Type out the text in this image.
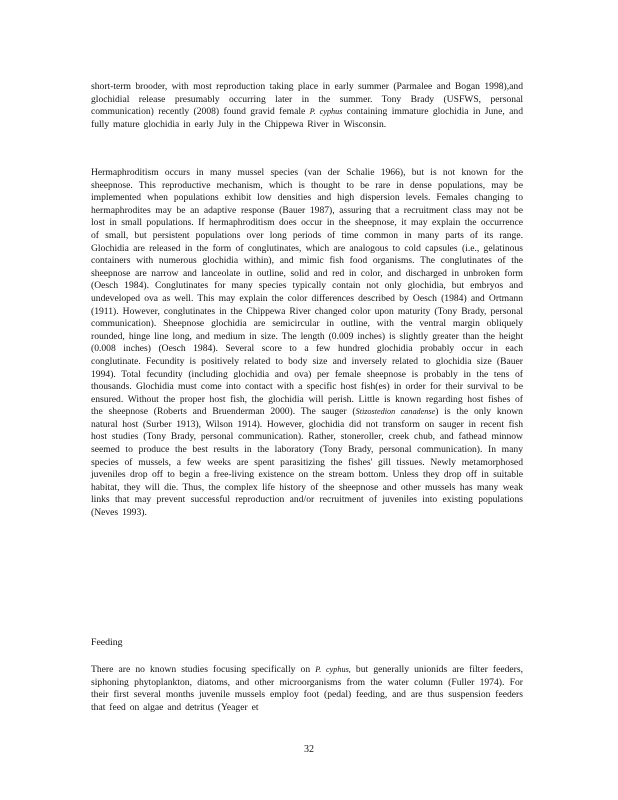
short-term brooder, with most reproduction taking place in early summer (Parmalee and Bogan 1998),and glochidial release presumably occurring later in the summer. Tony Brady (USFWS, personal communication) recently (2008) found gravid female P. cyphus containing immature glochidia in June, and fully mature glochidia in early July in the Chippewa River in Wisconsin.
Hermaphroditism occurs in many mussel species (van der Schalie 1966), but is not known for the sheepnose. This reproductive mechanism, which is thought to be rare in dense populations, may be implemented when populations exhibit low densities and high dispersion levels. Females changing to hermaphrodites may be an adaptive response (Bauer 1987), assuring that a recruitment class may not be lost in small populations. If hermaphroditism does occur in the sheepnose, it may explain the occurrence of small, but persistent populations over long periods of time common in many parts of its range. Glochidia are released in the form of conglutinates, which are analogous to cold capsules (i.e., gelatinous containers with numerous glochidia within), and mimic fish food organisms. The conglutinates of the sheepnose are narrow and lanceolate in outline, solid and red in color, and discharged in unbroken form (Oesch 1984). Conglutinates for many species typically contain not only glochidia, but embryos and undeveloped ova as well. This may explain the color differences described by Oesch (1984) and Ortmann (1911). However, conglutinates in the Chippewa River changed color upon maturity (Tony Brady, personal communication). Sheepnose glochidia are semicircular in outline, with the ventral margin obliquely rounded, hinge line long, and medium in size. The length (0.009 inches) is slightly greater than the height (0.008 inches) (Oesch 1984). Several score to a few hundred glochidia probably occur in each conglutinate. Fecundity is positively related to body size and inversely related to glochidia size (Bauer 1994). Total fecundity (including glochidia and ova) per female sheepnose is probably in the tens of thousands. Glochidia must come into contact with a specific host fish(es) in order for their survival to be ensured. Without the proper host fish, the glochidia will perish. Little is known regarding host fishes of the sheepnose (Roberts and Bruenderman 2000). The sauger (Stizostedion canadense) is the only known natural host (Surber 1913), Wilson 1914). However, glochidia did not transform on sauger in recent fish host studies (Tony Brady, personal communication). Rather, stoneroller, creek chub, and fathead minnow seemed to produce the best results in the laboratory (Tony Brady, personal communication). In many species of mussels, a few weeks are spent parasitizing the fishes' gill tissues. Newly metamorphosed juveniles drop off to begin a free-living existence on the stream bottom. Unless they drop off in suitable habitat, they will die. Thus, the complex life history of the sheepnose and other mussels has many weak links that may prevent successful reproduction and/or recruitment of juveniles into existing populations (Neves 1993).
Feeding
There are no known studies focusing specifically on P. cyphus, but generally unionids are filter feeders, siphoning phytoplankton, diatoms, and other microorganisms from the water column (Fuller 1974). For their first several months juvenile mussels employ foot (pedal) feeding, and are thus suspension feeders that feed on algae and detritus (Yeager et
32
